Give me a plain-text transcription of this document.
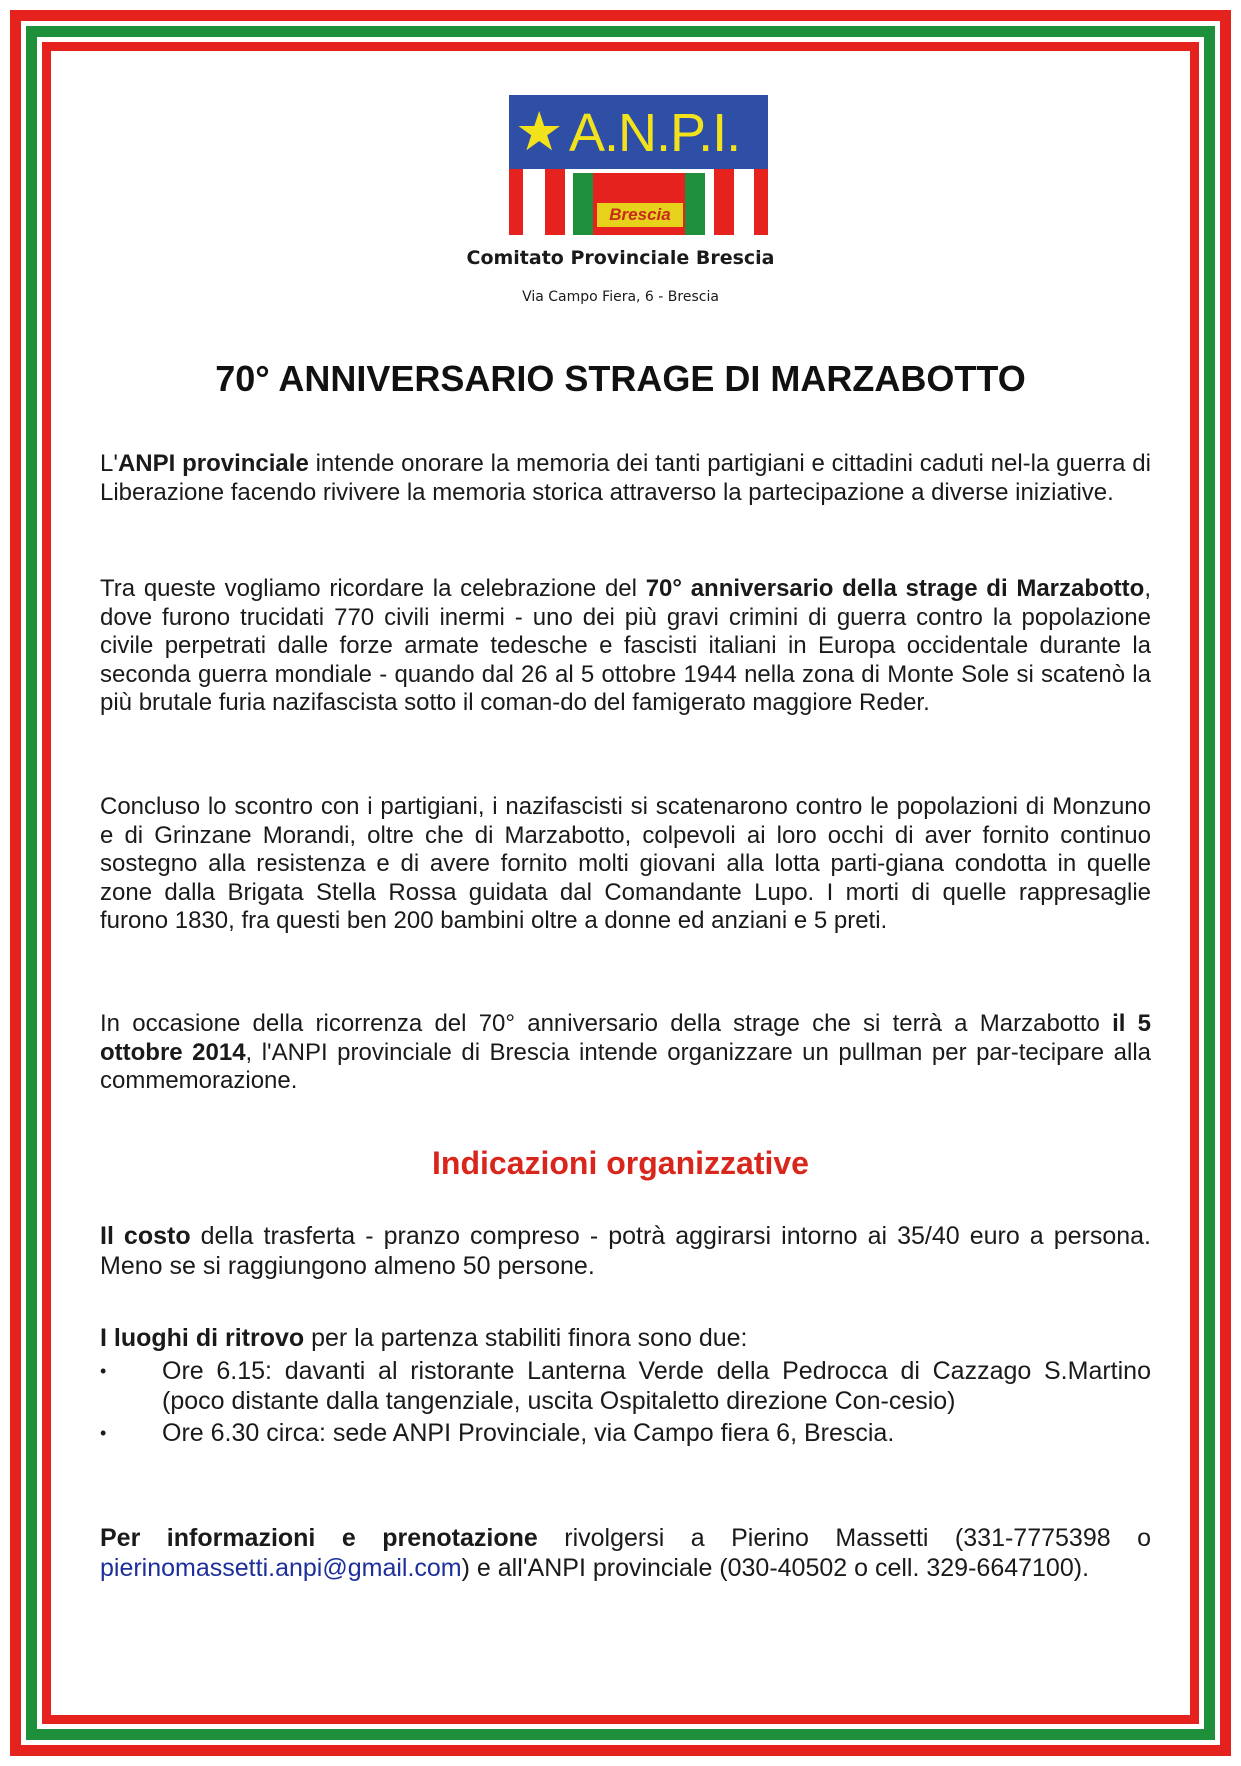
★ A.N.P.I.
Brescia
Comitato Provinciale Brescia
Via Campo Fiera, 6 - Brescia
70° ANNIVERSARIO STRAGE DI MARZABOTTO
L'ANPI provinciale intende onorare la memoria dei tanti partigiani e cittadini caduti nel-la guerra di Liberazione facendo rivivere la memoria storica attraverso la partecipazione a diverse iniziative.
Tra queste vogliamo ricordare la celebrazione del 70° anniversario della strage di Marzabotto, dove furono trucidati 770 civili inermi - uno dei più gravi crimini di guerra contro la popolazione civile perpetrati dalle forze armate tedesche e fascisti italiani in Europa occidentale durante la seconda guerra mondiale - quando dal 26 al 5 ottobre 1944 nella zona di Monte Sole si scatenò la più brutale furia nazifascista sotto il coman-do del famigerato maggiore Reder.
Concluso lo scontro con i partigiani, i nazifascisti si scatenarono contro le popolazioni di Monzuno e di Grinzane Morandi, oltre che di Marzabotto, colpevoli ai loro occhi di aver fornito continuo sostegno alla resistenza e di avere fornito molti giovani alla lotta parti-giana condotta in quelle zone dalla Brigata Stella Rossa guidata dal Comandante Lupo. I morti di quelle rappresaglie furono 1830, fra questi ben 200 bambini oltre a donne ed anziani e 5 preti.
In occasione della ricorrenza del 70° anniversario della strage che si terrà a Marzabotto il 5 ottobre 2014, l'ANPI provinciale di Brescia intende organizzare un pullman per par-tecipare alla commemorazione.
Indicazioni organizzative
Il costo della trasferta - pranzo compreso - potrà aggirarsi intorno ai 35/40 euro a persona. Meno se si raggiungono almeno 50 persone.
I luoghi di ritrovo per la partenza stabiliti finora sono due:
• Ore 6.15: davanti al ristorante Lanterna Verde della Pedrocca di Cazzago S.Martino (poco distante dalla tangenziale, uscita Ospitaletto direzione Con-cesio)
• Ore 6.30 circa: sede ANPI Provinciale, via Campo fiera 6, Brescia.
Per informazioni e prenotazione rivolgersi a Pierino Massetti (331-7775398 o pierinomassetti.anpi@gmail.com) e all'ANPI provinciale (030-40502 o cell. 329-6647100).
